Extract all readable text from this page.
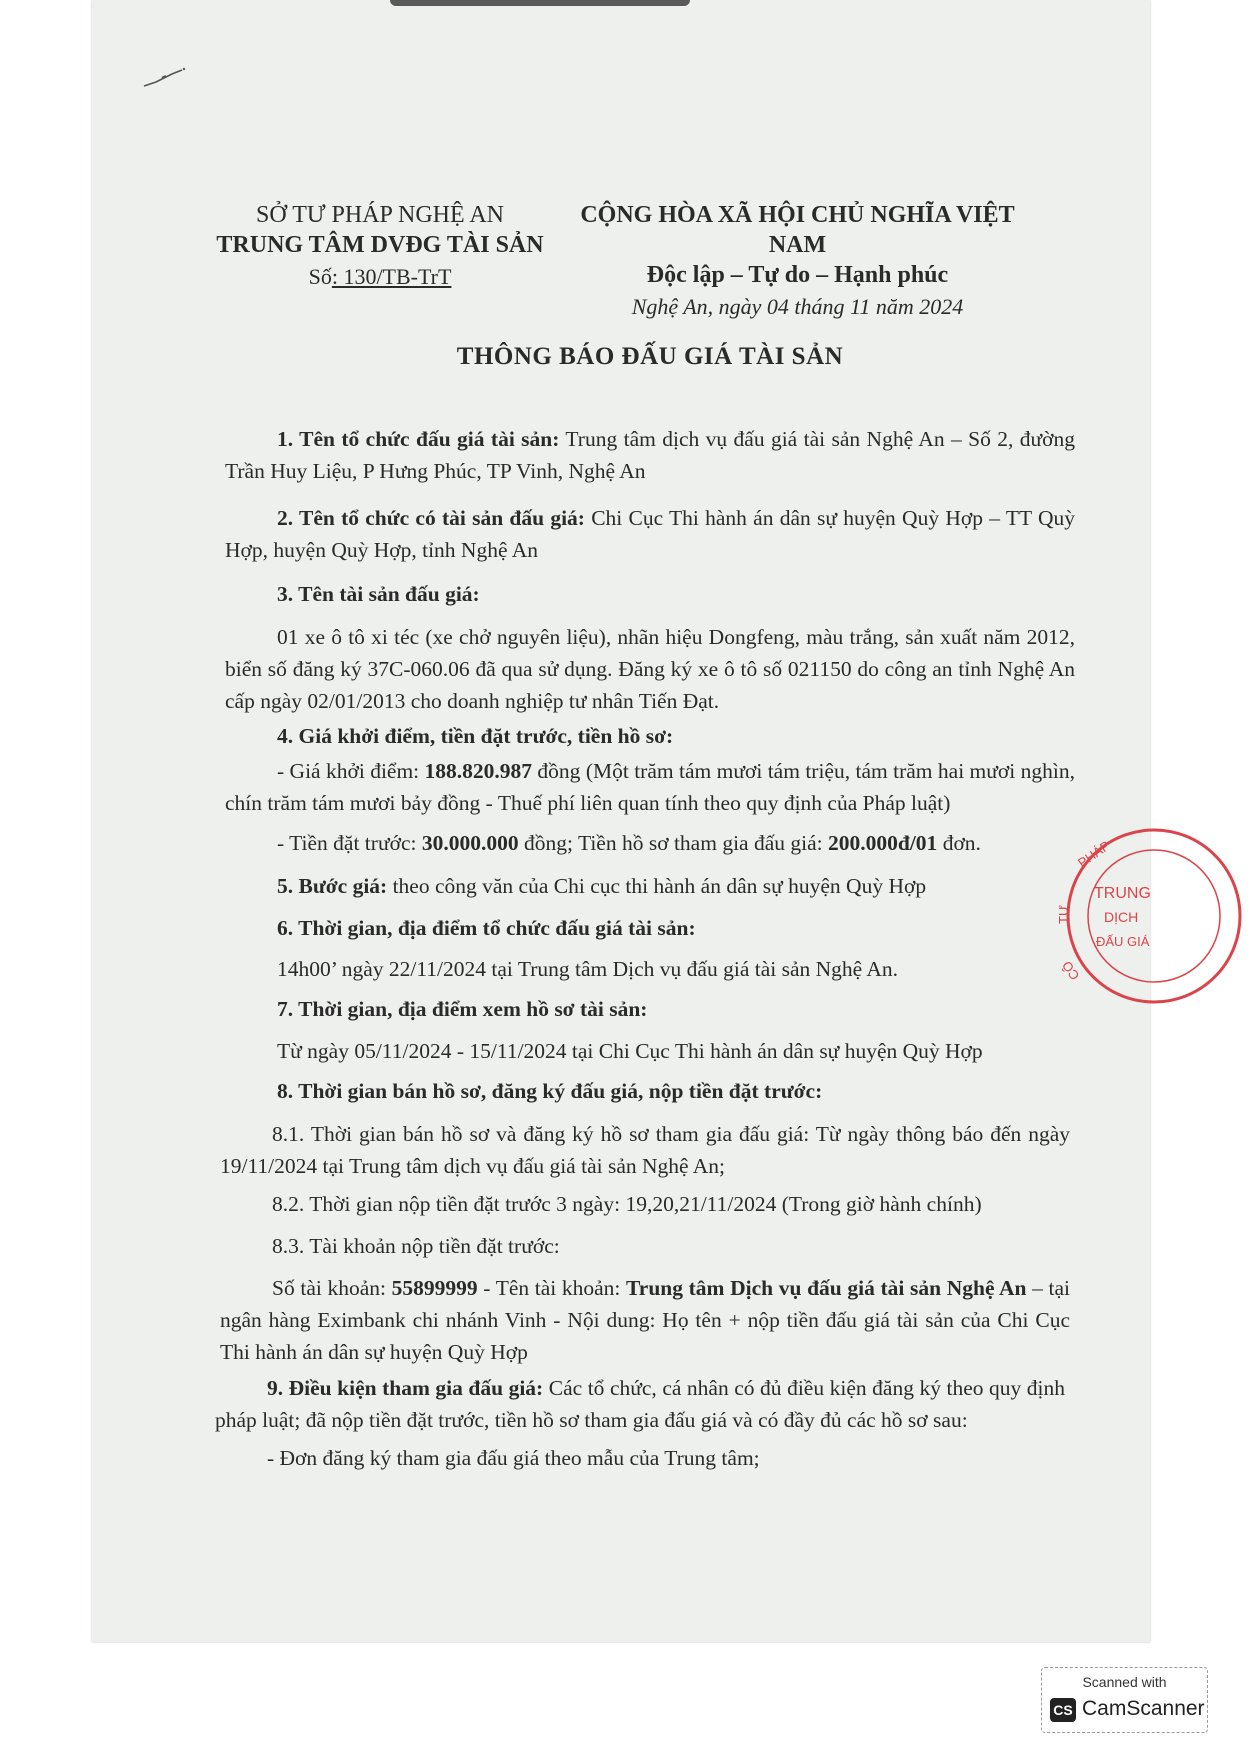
SỞ TƯ PHÁP NGHỆ AN
TRUNG TÂM DVĐG TÀI SẢN
Số: 130/TB-TrT
CỘNG HÒA XÃ HỘI CHỦ NGHĨA VIỆT NAM
Độc lập – Tự do – Hạnh phúc
Nghệ An, ngày 04 tháng 11 năm 2024
THÔNG BÁO ĐẤU GIÁ TÀI SẢN
1. Tên tổ chức đấu giá tài sản: Trung tâm dịch vụ đấu giá tài sản Nghệ An – Số 2, đường Trần Huy Liệu, P Hưng Phúc, TP Vinh, Nghệ An
2. Tên tổ chức có tài sản đấu giá: Chi Cục Thi hành án dân sự huyện Quỳ Hợp – TT Quỳ Hợp, huyện Quỳ Hợp, tỉnh Nghệ An
3. Tên tài sản đấu giá:
01 xe ô tô xi téc (xe chở nguyên liệu), nhãn hiệu Dongfeng, màu trắng, sản xuất năm 2012, biển số đăng ký 37C-060.06 đã qua sử dụng. Đăng ký xe ô tô số 021150 do công an tỉnh Nghệ An cấp ngày 02/01/2013 cho doanh nghiệp tư nhân Tiến Đạt.
4. Giá khởi điểm, tiền đặt trước, tiền hồ sơ:
- Giá khởi điểm: 188.820.987 đồng (Một trăm tám mươi tám triệu, tám trăm hai mươi nghìn, chín trăm tám mươi bảy đồng - Thuế phí liên quan tính theo quy định của Pháp luật)
- Tiền đặt trước: 30.000.000 đồng; Tiền hồ sơ tham gia đấu giá: 200.000đ/01 đơn.
5. Bước giá: theo công văn của Chi cục thi hành án dân sự huyện Quỳ Hợp
6. Thời gian, địa điểm tổ chức đấu giá tài sản:
14h00’ ngày 22/11/2024 tại Trung tâm Dịch vụ đấu giá tài sản Nghệ An.
7. Thời gian, địa điểm xem hồ sơ tài sản:
Từ ngày 05/11/2024 - 15/11/2024 tại Chi Cục Thi hành án dân sự huyện Quỳ Hợp
8. Thời gian bán hồ sơ, đăng ký đấu giá, nộp tiền đặt trước:
8.1. Thời gian bán hồ sơ và đăng ký hồ sơ tham gia đấu giá: Từ ngày thông báo đến ngày 19/11/2024 tại Trung tâm dịch vụ đấu giá tài sản Nghệ An;
8.2. Thời gian nộp tiền đặt trước 3 ngày: 19,20,21/11/2024 (Trong giờ hành chính)
8.3. Tài khoản nộp tiền đặt trước:
Số tài khoản: 55899999 - Tên tài khoản: Trung tâm Dịch vụ đấu giá tài sản Nghệ An – tại ngân hàng Eximbank chi nhánh Vinh - Nội dung: Họ tên + nộp tiền đấu giá tài sản của Chi Cục Thi hành án dân sự huyện Quỳ Hợp
9. Điều kiện tham gia đấu giá: Các tổ chức, cá nhân có đủ điều kiện đăng ký theo quy định pháp luật; đã nộp tiền đặt trước, tiền hồ sơ tham gia đấu giá và có đầy đủ các hồ sơ sau:
- Đơn đăng ký tham gia đấu giá theo mẫu của Trung tâm;
PHÁP
TƯ
CÔ
TRUNG
DỊCH
ĐẤU GIÁ
Scanned with
CS CamScanner
